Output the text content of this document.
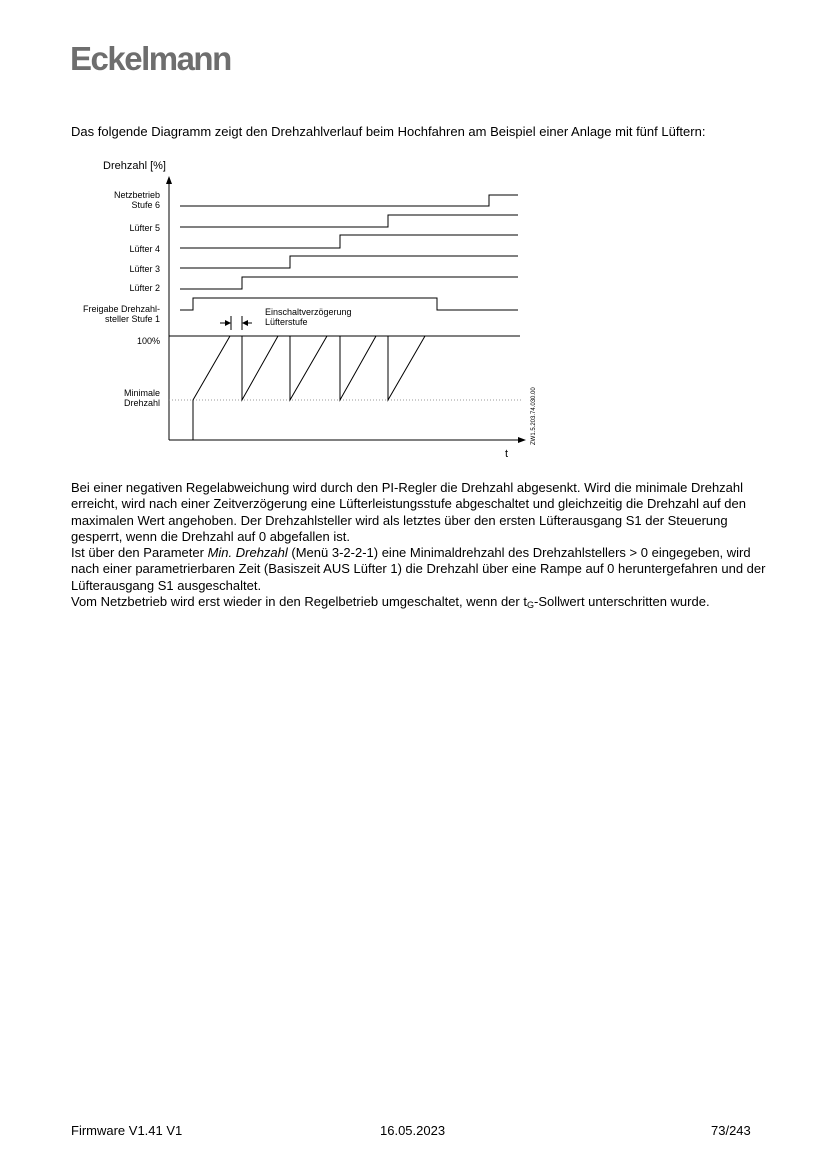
Eckelmann
Das folgende Diagramm zeigt den Drehzahlverlauf beim Hochfahren am Beispiel einer Anlage mit fünf Lüftern:
Drehzahl [%]
t
Netzbetrieb
Stufe 6
Lüfter 5
Lüfter 4
Lüfter 3
Lüfter 2
Freigabe Drehzahl-
steller Stufe 1
100%
Minimale
Drehzahl
Einschaltverzögerung
Lüfterstufe
ZW1.5.203.74.030.00

Bei einer negativen Regelabweichung wird durch den PI-Regler die Drehzahl abgesenkt. Wird die minimale Drehzahl erreicht, wird nach einer Zeitverzögerung eine Lüfterleistungsstufe abgeschaltet und gleichzeitig die Drehzahl auf den maximalen Wert angehoben. Der Drehzahlsteller wird als letztes über den ersten Lüfterausgang S1 der Steuerung gesperrt, wenn die Drehzahl auf 0 abgefallen ist.

Ist über den Parameter Min. Drehzahl (Menü 3-2-2-1) eine Minimaldrehzahl des Drehzahlstellers > 0 eingegeben, wird nach einer parametrierbaren Zeit (Basiszeit AUS Lüfter 1) die Drehzahl über eine Rampe auf 0 heruntergefahren und der Lüfterausgang S1 ausgeschaltet.

Vom Netzbetrieb wird erst wieder in den Regelbetrieb umgeschaltet, wenn der $t_G$-Sollwert unterschritten wurde.

Firmware V1.41 V1	16.05.2023	73/243
